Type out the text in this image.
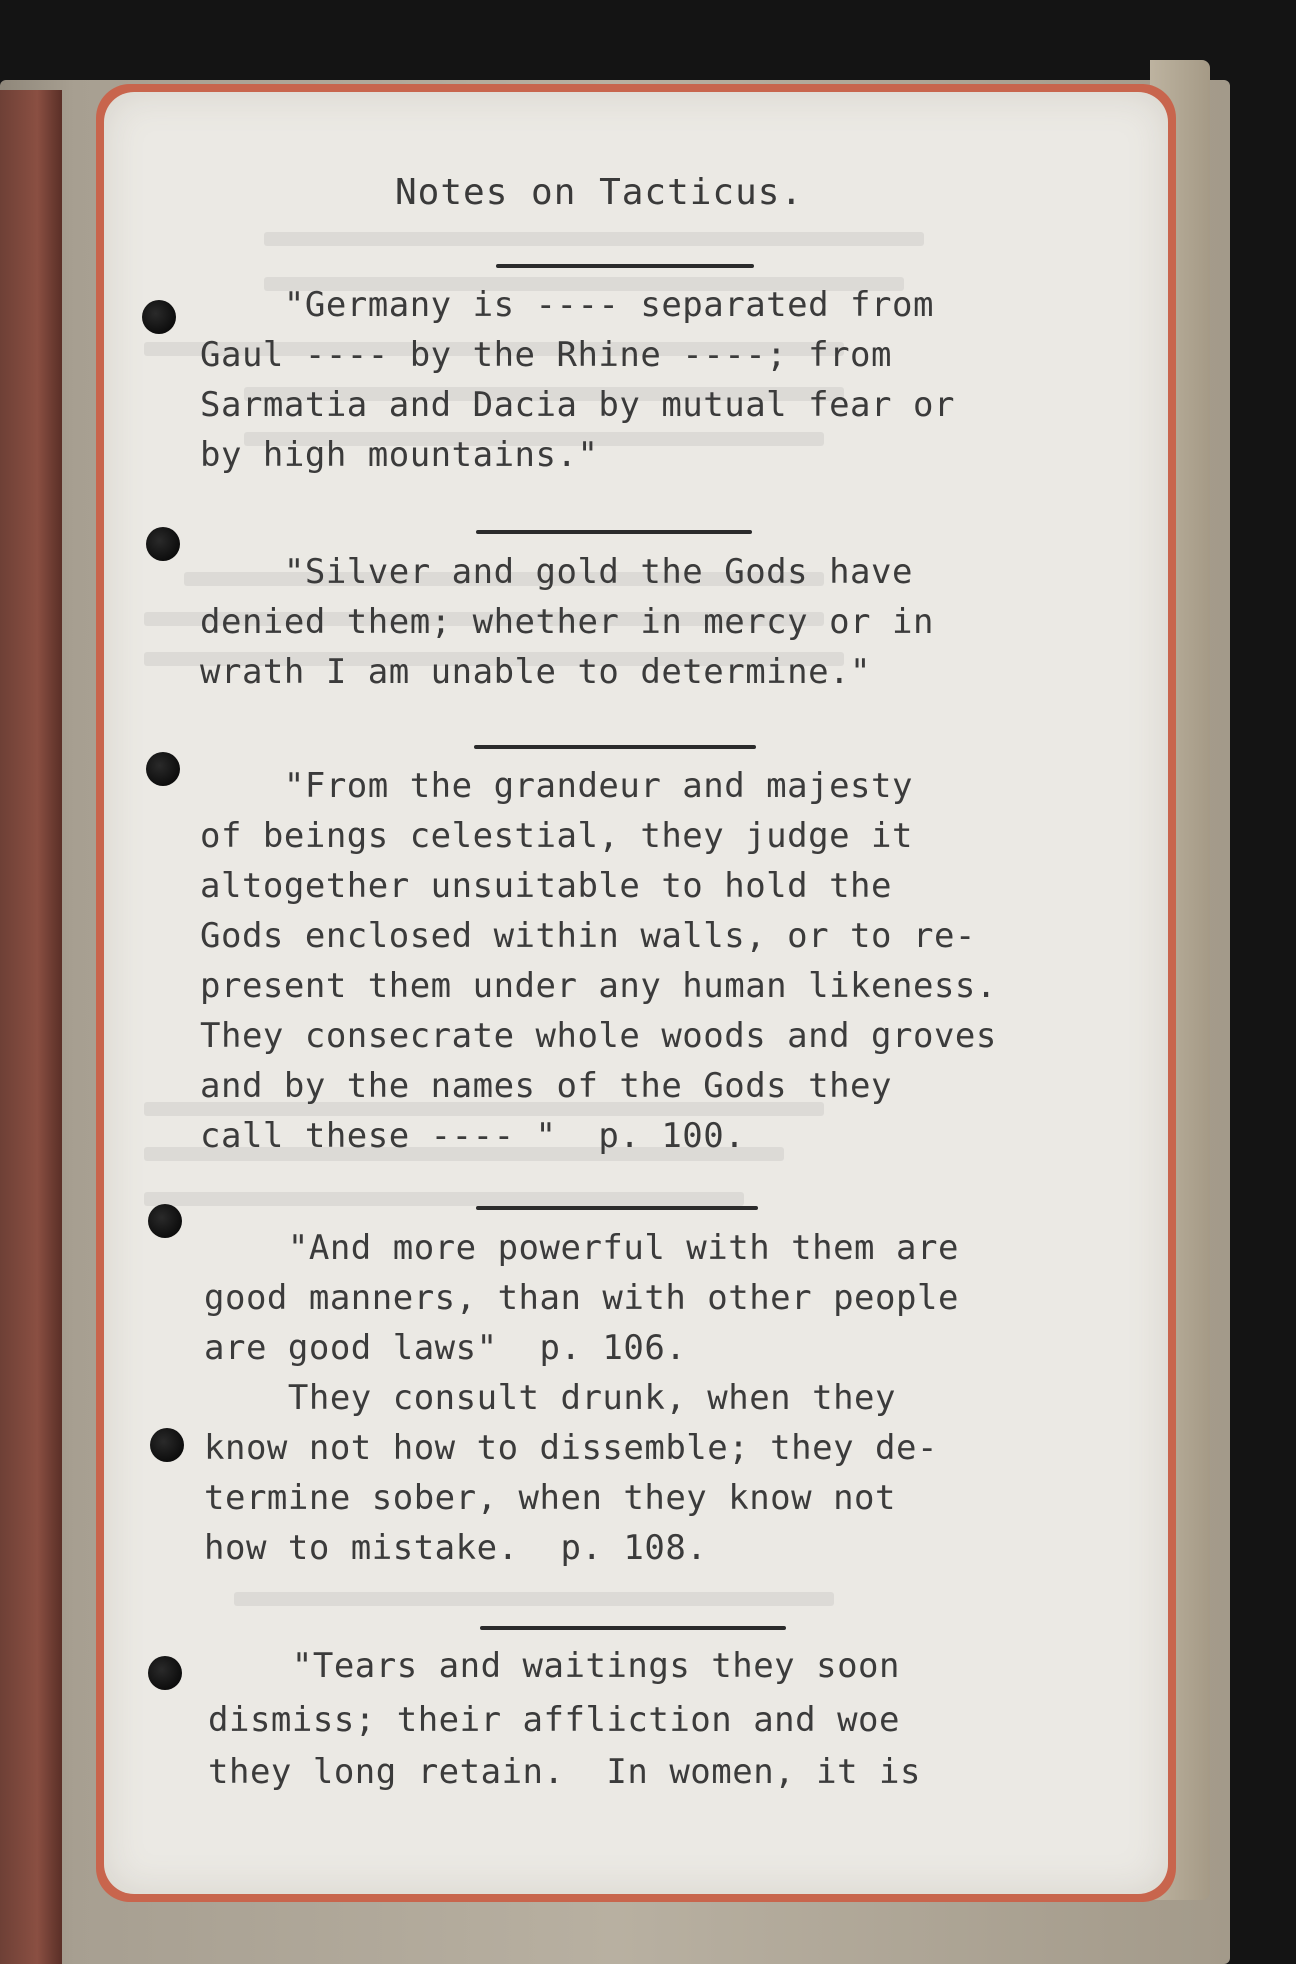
Notes on Tacticus.
"Germany is ---- separated from
Gaul ---- by the Rhine ----; from
Sarmatia and Dacia by mutual fear or
by high mountains."
"Silver and gold the Gods have
denied them; whether in mercy or in
wrath I am unable to determine."
"From the grandeur and majesty
of beings celestial, they judge it
altogether unsuitable to hold the
Gods enclosed within walls, or to re-
present them under any human likeness.
They consecrate whole woods and groves
and by the names of the Gods they
call these ---- "  p. 100.
"And more powerful with them are
good manners, than with other people
are good laws"  p. 106.
They consult drunk, when they
know not how to dissemble; they de-
termine sober, when they know not
how to mistake.  p. 108.
"Tears and waitings they soon
dismiss; their affliction and woe
they long retain.  In women, it is
